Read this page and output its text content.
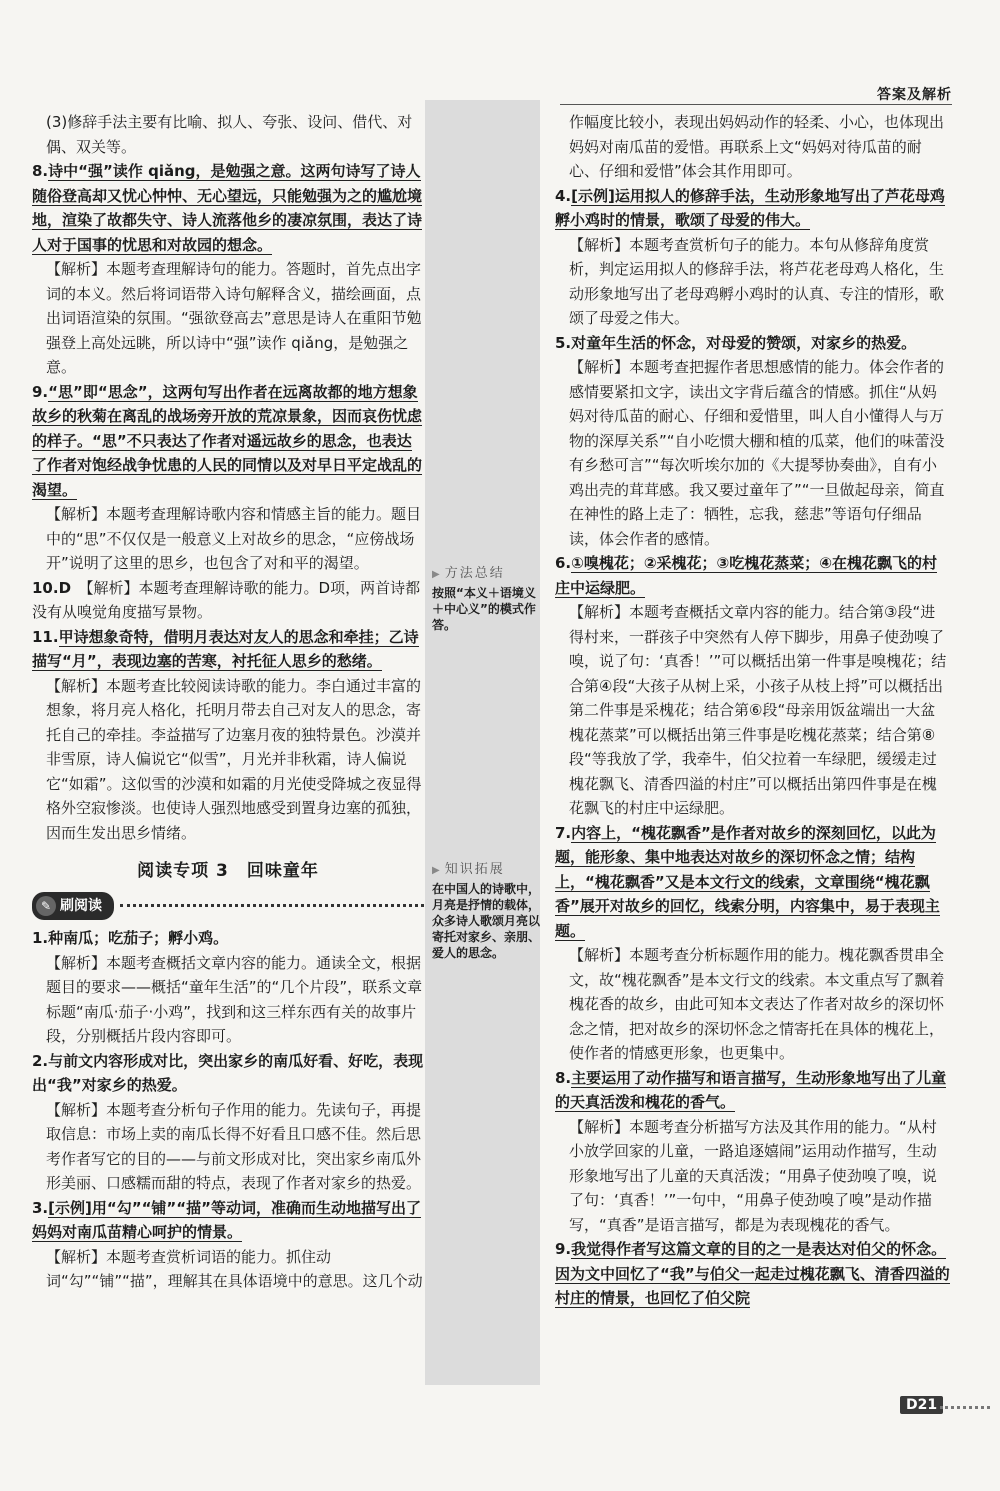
答案及解析

(3)修辞手法主要有比喻、拟人、夸张、设问、借代、对偶、双关等。

8.诗中“强”读作 qiǎng，是勉强之意。这两句诗写了诗人随俗登高却又忧心忡忡、无心望远，只能勉强为之的尴尬境地，渲染了故都失守、诗人流落他乡的凄凉氛围，表达了诗人对于国事的忧思和对故园的想念。

【解析】本题考查理解诗句的能力。答题时，首先点出字词的本义。然后将词语带入诗句解释含义，描绘画面，点出词语渲染的氛围。“强欲登高去”意思是诗人在重阳节勉强登上高处远眺，所以诗中“强”读作 qiǎng，是勉强之意。

9.“思”即“思念”，这两句写出作者在远离故都的地方想象故乡的秋菊在离乱的战场旁开放的荒凉景象，因而哀伤忧虑的样子。“思”不只表达了作者对遥远故乡的思念，也表达了作者对饱经战争忧患的人民的同情以及对早日平定战乱的渴望。

【解析】本题考查理解诗歌内容和情感主旨的能力。题目中的“思”不仅仅是一般意义上对故乡的思念，“应傍战场开”说明了这里的思乡，也包含了对和平的渴望。

10.D　 【解析】本题考查理解诗歌的能力。D项，两首诗都没有从嗅觉角度描写景物。

11.甲诗想象奇特，借明月表达对友人的思念和牵挂；乙诗描写“月”，表现边塞的苦寒，衬托征人思乡的愁绪。

【解析】本题考查比较阅读诗歌的能力。李白通过丰富的想象，将月亮人格化，托明月带去自己对友人的思念，寄托自己的牵挂。李益描写了边塞月夜的独特景色。沙漠并非雪原，诗人偏说它“似雪”，月光并非秋霜，诗人偏说它“如霜”。这似雪的沙漠和如霜的月光使受降城之夜显得格外空寂惨淡。也使诗人强烈地感受到置身边塞的孤独，因而生发出思乡情绪。

阅读专项 3　回味童年
✎ 刷阅读

1.种南瓜；吃茄子；孵小鸡。

【解析】本题考查概括文章内容的能力。通读全文，根据题目的要求——概括“童年生活”的“几个片段”，联系文章标题“南瓜·茄子·小鸡”，找到和这三样东西有关的故事片段，分别概括片段内容即可。

2.与前文内容形成对比，突出家乡的南瓜好看、好吃，表现出“我”对家乡的热爱。

【解析】本题考查分析句子作用的能力。先读句子，再提取信息：市场上卖的南瓜长得不好看且口感不佳。然后思考作者写它的目的——与前文形成对比，突出家乡南瓜外形美丽、口感糯而甜的特点，表现了作者对家乡的热爱。

3.[示例]用“勾”“铺”“描”等动词，准确而生动地描写出了妈妈对南瓜苗精心呵护的情景。

【解析】本题考查赏析词语的能力。抓住动词“勾”“铺”“描”，理解其在具体语境中的意思。这几个动

▶ 方法总结
按照“本义＋语境义＋中心义”的模式作答。
▶ 知识拓展
在中国人的诗歌中，月亮是抒情的载体，众多诗人歌颂月亮以寄托对家乡、亲朋、爱人的思念。

作幅度比较小，表现出妈妈动作的轻柔、小心，也体现出妈妈对南瓜苗的爱惜。再联系上文“妈妈对待瓜苗的耐心、仔细和爱惜”体会其作用即可。

4.[示例]运用拟人的修辞手法，生动形象地写出了芦花母鸡孵小鸡时的情景，歌颂了母爱的伟大。

【解析】本题考查赏析句子的能力。本句从修辞角度赏析，判定运用拟人的修辞手法，将芦花老母鸡人格化，生动形象地写出了老母鸡孵小鸡时的认真、专注的情形，歌颂了母爱之伟大。

5.对童年生活的怀念，对母爱的赞颂，对家乡的热爱。

【解析】本题考查把握作者思想感情的能力。体会作者的感情要紧扣文字，读出文字背后蕴含的情感。抓住“从妈妈对待瓜苗的耐心、仔细和爱惜里，叫人自小懂得人与万物的深厚关系”“自小吃惯大棚和植的瓜菜，他们的味蕾没有乡愁可言”“每次听埃尔加的《大提琴协奏曲》，自有小鸡出壳的茸茸感。我又要过童年了”“一旦做起母亲，简直在神性的路上走了：牺牲，忘我，慈悲”等语句仔细品读，体会作者的感情。

6.①嗅槐花；②采槐花；③吃槐花蒸菜；④在槐花飘飞的村庄中运绿肥。

【解析】本题考查概括文章内容的能力。结合第③段“进得村来，一群孩子中突然有人停下脚步，用鼻子使劲嗅了嗅，说了句：‘真香！’”可以概括出第一件事是嗅槐花；结合第④段“大孩子从树上采，小孩子从枝上捋”可以概括出第二件事是采槐花；结合第⑥段“母亲用饭盆端出一大盆槐花蒸菜”可以概括出第三件事是吃槐花蒸菜；结合第⑧段“等我放了学，我牵牛，伯父拉着一车绿肥，缓缓走过槐花飘飞、清香四溢的村庄”可以概括出第四件事是在槐花飘飞的村庄中运绿肥。

7.内容上，“槐花飘香”是作者对故乡的深刻回忆，以此为题，能形象、集中地表达对故乡的深切怀念之情；结构上，“槐花飘香”又是本文行文的线索，文章围绕“槐花飘香”展开对故乡的回忆，线索分明，内容集中，易于表现主题。

【解析】本题考查分析标题作用的能力。槐花飘香贯串全文，故“槐花飘香”是本文行文的线索。本文重点写了飘着槐花香的故乡，由此可知本文表达了作者对故乡的深切怀念之情，把对故乡的深切怀念之情寄托在具体的槐花上，使作者的情感更形象，也更集中。

8.主要运用了动作描写和语言描写，生动形象地写出了儿童的天真活泼和槐花的香气。

【解析】本题考查分析描写方法及其作用的能力。“从村小放学回家的儿童，一路追逐嬉闹”运用动作描写，生动形象地写出了儿童的天真活泼；“用鼻子使劲嗅了嗅，说了句：‘真香！’”一句中，“用鼻子使劲嗅了嗅”是动作描写，“真香”是语言描写，都是为表现槐花的香气。

9.我觉得作者写这篇文章的目的之一是表达对伯父的怀念。因为文中回忆了“我”与伯父一起走过槐花飘飞、清香四溢的村庄的情景，也回忆了伯父院

D21
